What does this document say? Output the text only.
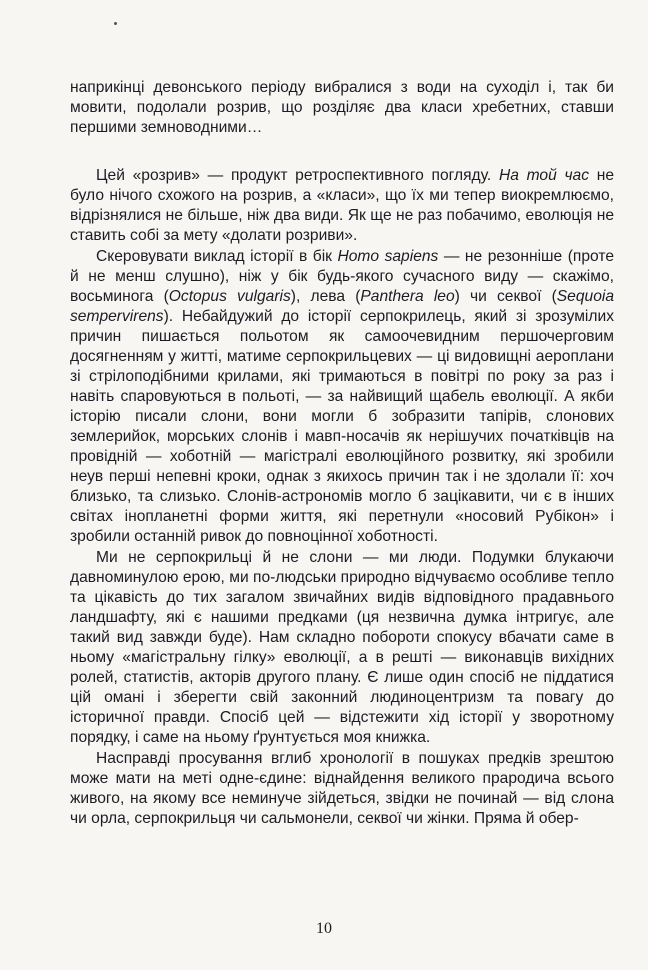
наприкінці девонського періоду вибралися з води на суходіл і, так би мовити, подолали розрив, що розділяє два класи хребетних, ставши першими земноводними…

Цей «розрив» — продукт ретроспективного погляду. На той час не було нічого схожого на розрив, а «класи», що їх ми тепер виокремлюємо, відрізнялися не більше, ніж два види. Як ще не раз побачимо, еволюція не ставить собі за мету «долати розриви».

Скеровувати виклад історії в бік Homo sapiens — не резонніше (проте й не менш слушно), ніж у бік будь-якого сучасного виду — скажімо, восьминога (Octopus vulgaris), лева (Panthera leo) чи секвої (Sequoia sempervirens). Небайдужий до історії серпокрилець, який зі зрозумілих причин пишається польотом як самоочевидним першочерговим досягненням у житті, матиме серпокрильцевих — ці видовищні аероплани зі стрілоподібними крилами, які тримаються в повітрі по року за раз і навіть спаровуються в польоті, — за найвищий щабель еволюції. А якби історію писали слони, вони могли б зобразити тапірів, слонових землерийок, морських слонів і мавп-носачів як нерішучих початківців на провідній — хоботній — магістралі еволюційного розвитку, які зробили неув перші непевні кроки, однак з якихось причин так і не здолали її: хоч близько, та слизько. Слонів-астрономів могло б зацікавити, чи є в інших світах інопланетні форми життя, які перетнули «носовий Рубікон» і зробили останній ривок до повноцінної хоботності.

Ми не серпокрильці й не слони — ми люди. Подумки блукаючи давноминулою ерою, ми по-людськи природно відчуваємо особливе тепло та цікавість до тих загалом звичайних видів відповідного прадавнього ландшафту, які є нашими предками (ця незвична думка інтригує, але такий вид завжди буде). Нам складно побороти спокусу вбачати саме в ньому «магістральну гілку» еволюції, а в решті — виконавців вихідних ролей, статистів, акторів другого плану. Є лише один спосіб не піддатися цій омані і зберегти свій законний людиноцентризм та повагу до історичної правди. Спосіб цей — відстежити хід історії у зворотному порядку, і саме на ньому ґрунтується моя книжка.

Насправді просування вглиб хронології в пошуках предків зрештою може мати на меті одне-єдине: віднайдення великого прародича всього живого, на якому все неминуче зійдеться, звідки не починай — від слона чи орла, серпокрильця чи сальмонели, секвої чи жінки. Пряма й обер-

10
